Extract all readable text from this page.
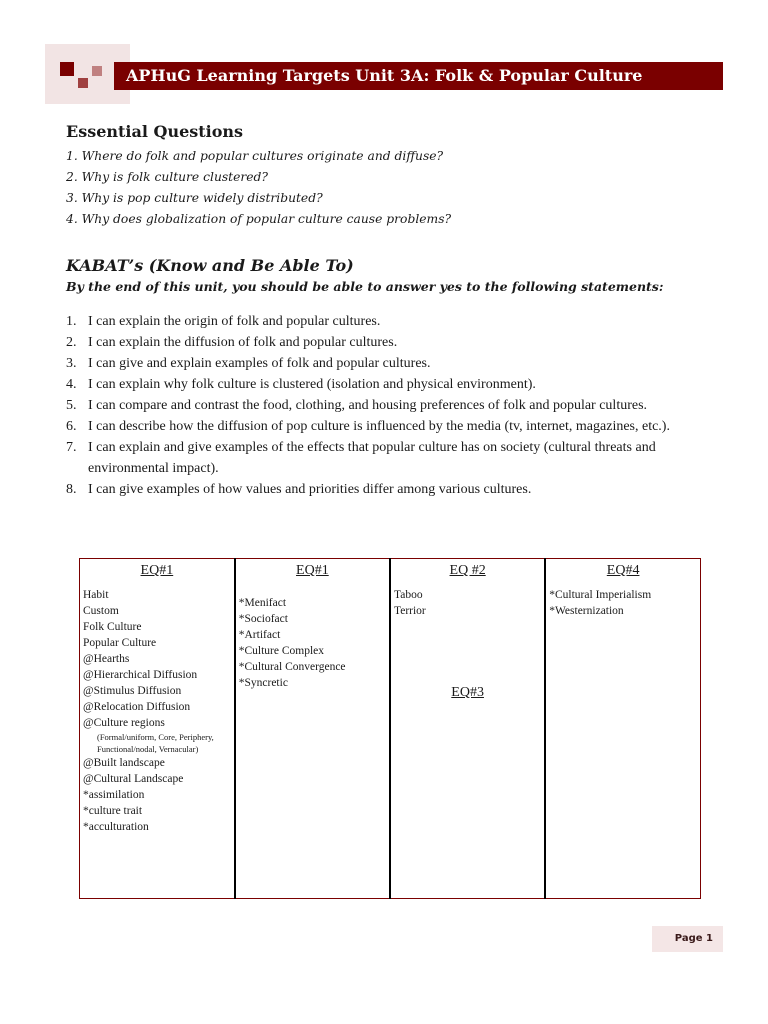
APHuG Learning Targets Unit 3A: Folk & Popular Culture
Essential Questions
1. Where do folk and popular cultures originate and diffuse?
2. Why is folk culture clustered?
3. Why is pop culture widely distributed?
4. Why does globalization of popular culture cause problems?
KABAT’s (Know and Be Able To)
By the end of this unit, you should be able to answer yes to the following statements:
1. I can explain the origin of folk and popular cultures.
2. I can explain the diffusion of folk and popular cultures.
3. I can give and explain examples of folk and popular cultures.
4. I can explain why folk culture is clustered (isolation and physical environment).
5. I can compare and contrast the food, clothing, and housing preferences of folk and popular cultures.
6. I can describe how the diffusion of pop culture is influenced by the media (tv, internet, magazines, etc.).
7. I can explain and give examples of the effects that popular culture has on society (cultural threats and environmental impact).
8. I can give examples of how values and priorities differ among various cultures.
EQ#1
Habit
Custom
Folk Culture
Popular Culture
@Hearths
@Hierarchical Diffusion
@Stimulus Diffusion
@Relocation Diffusion
@Culture regions
(Formal/uniform, Core, Periphery, Functional/nodal, Vernacular)
@Built landscape
@Cultural Landscape
*assimilation
*culture trait
*acculturation

EQ#1
*Menifact
*Sociofact
*Artifact
*Culture Complex
*Cultural Convergence
*Syncretic

EQ #2
Taboo
Terrior
EQ#3

EQ#4
*Cultural Imperialism
*Westernization
Page 1
